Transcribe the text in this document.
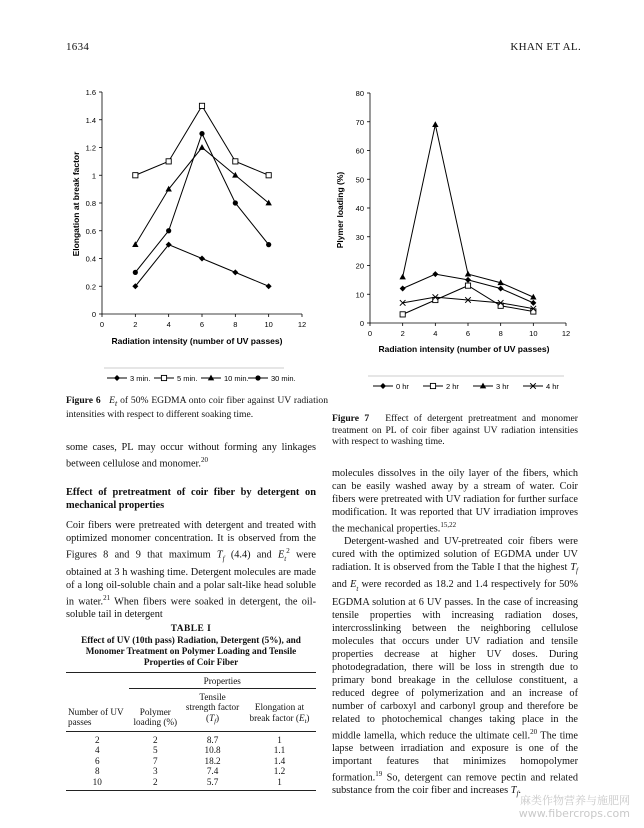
1634	KHAN ET AL.
Elongation at break factor
Radiation intensity (number of UV passes)
0
0.2
0.4
0.6
0.8
1
1.2
1.4
1.6
0	2	4	6	8	10	12
3 min.	5 min.	10 min.	30 min.
Figure 6 $E_t$ of 50% EGDMA onto coir fiber against UV radiation intensities with respect to different soaking time.
Plymer loading (%)
Radiation intensity (number of UV passes)
0
10
20
30
40
50
60
70
80
0	2	4	6	8	10	12
0 hr	2 hr	3 hr	4 hr
Figure 7 Effect of detergent pretreatment and monomer treatment on PL of coir fiber against UV radiation intensities with respect to washing time.

some cases, PL may occur without forming any linkages between cellulose and monomer.$^{20}$

Effect of pretreatment of coir fiber by detergent on mechanical properties

Coir fibers were pretreated with detergent and treated with optimized monomer concentration. It is observed from the Figures 8 and 9 that maximum $T_f$ (4.4) and $E_t^2$ were obtained at 3 h washing time. Detergent molecules are made of a long oil-soluble chain and a polar salt-like head soluble in water.$^{21}$ When fibers were soaked in detergent, the oil-soluble tail in detergent

TABLE I
Effect of UV (10th pass) Radiation, Detergent (5%), and Monomer Treatment on Polymer Loading and Tensile Properties of Coir Fiber
	Properties		
Number of UV passes	Polymer loading (%)	Tensile strength factor $(T_f)$	Elongation at break factor $(E_t)$
2	2	8.7	1
4	5	10.8	1.1
6	7	18.2	1.4
8	3	7.4	1.2
10	2	5.7	1

molecules dissolves in the oily layer of the fibers, which can be easily washed away by a stream of water. Coir fibers were pretreated with UV radiation for further surface modification. It was reported that UV irradiation improves the mechanical properties.$^{15,22}$

Detergent-washed and UV-pretreated coir fibers were cured with the optimized solution of EGDMA under UV radiation. It is observed from the Table I that the highest $T_f$ and $E_t$ were recorded as 18.2 and 1.4 respectively for 50% EGDMA solution at 6 UV passes. In the case of increasing tensile properties with increasing radiation doses, intercrosslinking between the neighboring cellulose molecules that occurs under UV radiation and tensile properties decrease at higher UV doses. During photodegradation, there will be loss in strength due to primary bond breakage in the cellulose constituent, a reduced degree of polymerization and an increase of number of carboxyl and carbonyl group and therefore be related to photochemical changes taking place in the middle lamella, which reduce the ultimate cell.$^{20}$ The time lapse between irradiation and exposure is one of the important features that minimizes homopolymer formation.$^{19}$ So, detergent can remove pectin and related substance from the coir fiber and increases $T_f$.

麻类作物营养与施肥网
www.fibercrops.com
